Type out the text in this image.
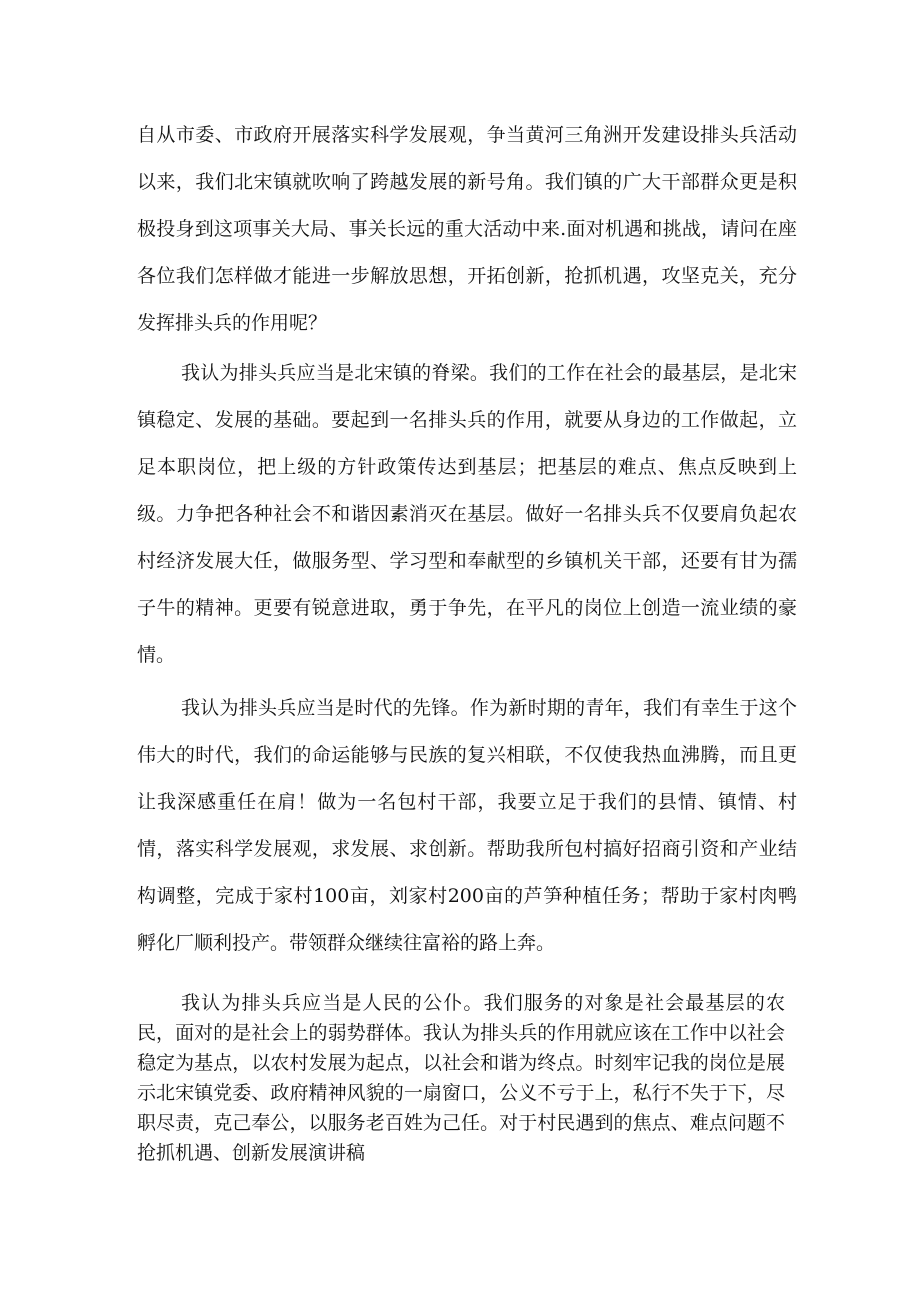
自从市委、市政府开展落实科学发展观，争当黄河三角洲开发建设排头兵活动以来，我们北宋镇就吹响了跨越发展的新号角。我们镇的广大干部群众更是积极投身到这项事关大局、事关长远的重大活动中来.面对机遇和挑战，请问在座各位我们怎样做才能进一步解放思想，开拓创新，抢抓机遇，攻坚克关，充分发挥排头兵的作用呢？

我认为排头兵应当是北宋镇的脊梁。我们的工作在社会的最基层，是北宋镇稳定、发展的基础。要起到一名排头兵的作用，就要从身边的工作做起，立足本职岗位，把上级的方针政策传达到基层；把基层的难点、焦点反映到上级。力争把各种社会不和谐因素消灭在基层。做好一名排头兵不仅要肩负起农村经济发展大任，做服务型、学习型和奉献型的乡镇机关干部，还要有甘为孺子牛的精神。更要有锐意进取，勇于争先，在平凡的岗位上创造一流业绩的豪情。

我认为排头兵应当是时代的先锋。作为新时期的青年，我们有幸生于这个伟大的时代，我们的命运能够与民族的复兴相联，不仅使我热血沸腾，而且更让我深感重任在肩！做为一名包村干部，我要立足于我们的县情、镇情、村情，落实科学发展观，求发展、求创新。帮助我所包村搞好招商引资和产业结构调整，完成于家村100亩，刘家村200亩的芦笋种植任务；帮助于家村肉鸭孵化厂顺利投产。带领群众继续往富裕的路上奔。

我认为排头兵应当是人民的公仆。我们服务的对象是社会最基层的农民，面对的是社会上的弱势群体。我认为排头兵的作用就应该在工作中以社会稳定为基点，以农村发展为起点，以社会和谐为终点。时刻牢记我的岗位是展示北宋镇党委、政府精神风貌的一扇窗口，公义不亏于上，私行不失于下，尽职尽责，克己奉公，以服务老百姓为己任。对于村民遇到的焦点、难点问题不抢抓机遇、创新发展演讲稿
